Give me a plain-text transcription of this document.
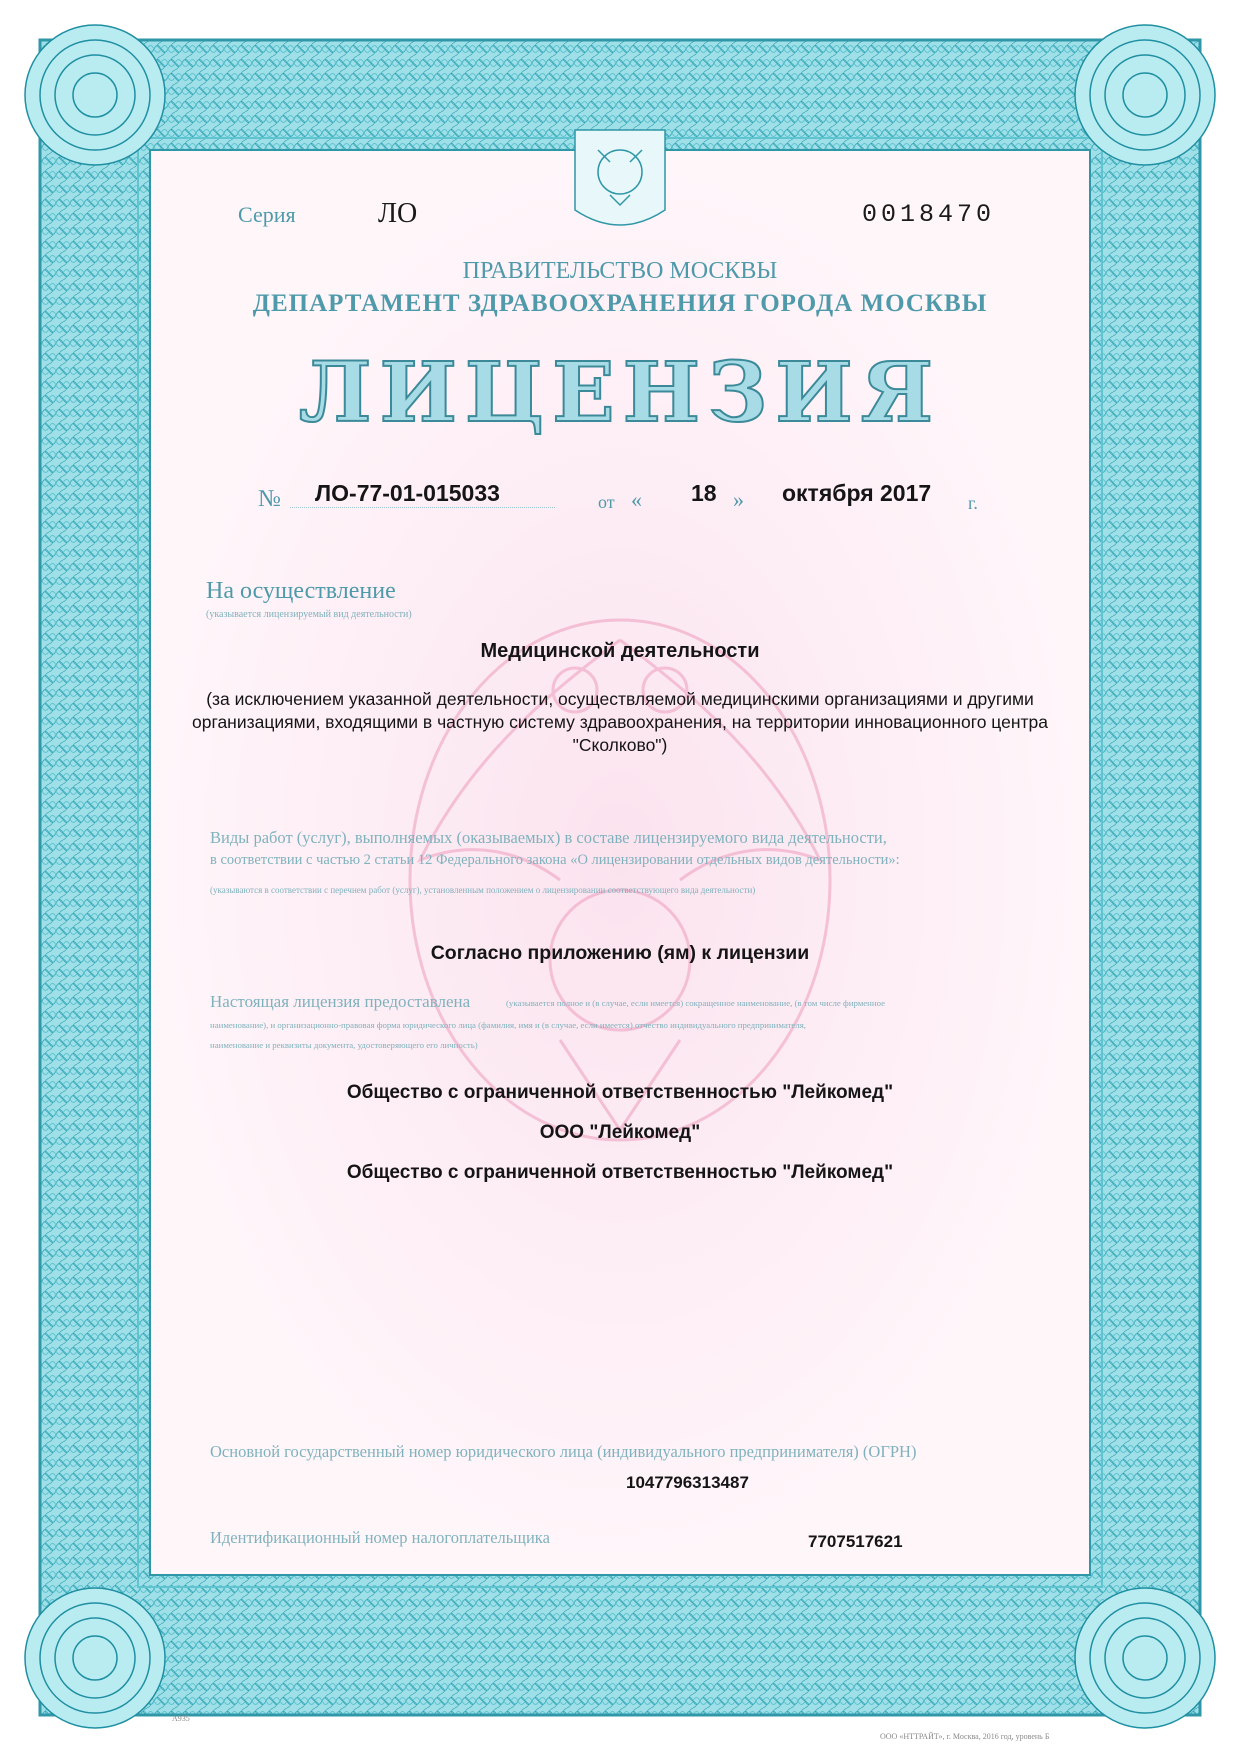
Серия	ЛО	0018470
ПРАВИТЕЛЬСТВО МОСКВЫ
ДЕПАРТАМЕНТ ЗДРАВООХРАНЕНИЯ ГОРОДА МОСКВЫ
ЛИЦЕНЗИЯ
№	ЛО-77-01-015033	от « 18 » октября 2017 г.
На осуществление
(указывается лицензируемый вид деятельности)
Медицинской деятельности
(за исключением указанной деятельности, осуществляемой медицинскими организациями и другими организациями, входящими в частную систему здравоохранения, на территории инновационного центра "Сколково")
Виды работ (услуг), выполняемых (оказываемых) в составе лицензируемого вида деятельности,
в соответствии с частью 2 статьи 12 Федерального закона «О лицензировании отдельных видов деятельности»:
(указываются в соответствии с перечнем работ (услуг), установленным положением о лицензировании соответствующего вида деятельности)
Согласно приложению (ям) к лицензии
Настоящая лицензия предоставлена	(указывается полное и (в случае, если имеется) сокращенное наименование, (в том числе фирменное
наименование), и организационно-правовая форма юридического лица (фамилия, имя и (в случае, если имеется) отчество индивидуального предпринимателя,
наименование и реквизиты документа, удостоверяющего его личность)
Общество с ограниченной ответственностью "Лейкомед"
ООО "Лейкомед"
Общество с ограниченной ответственностью "Лейкомед"
Основной государственный номер юридического лица (индивидуального предпринимателя) (ОГРН)
1047796313487
Идентификационный номер налогоплательщика	7707517621
А935
ООО «НТТРАЙТ», г. Москва, 2016 год, уровень Б
